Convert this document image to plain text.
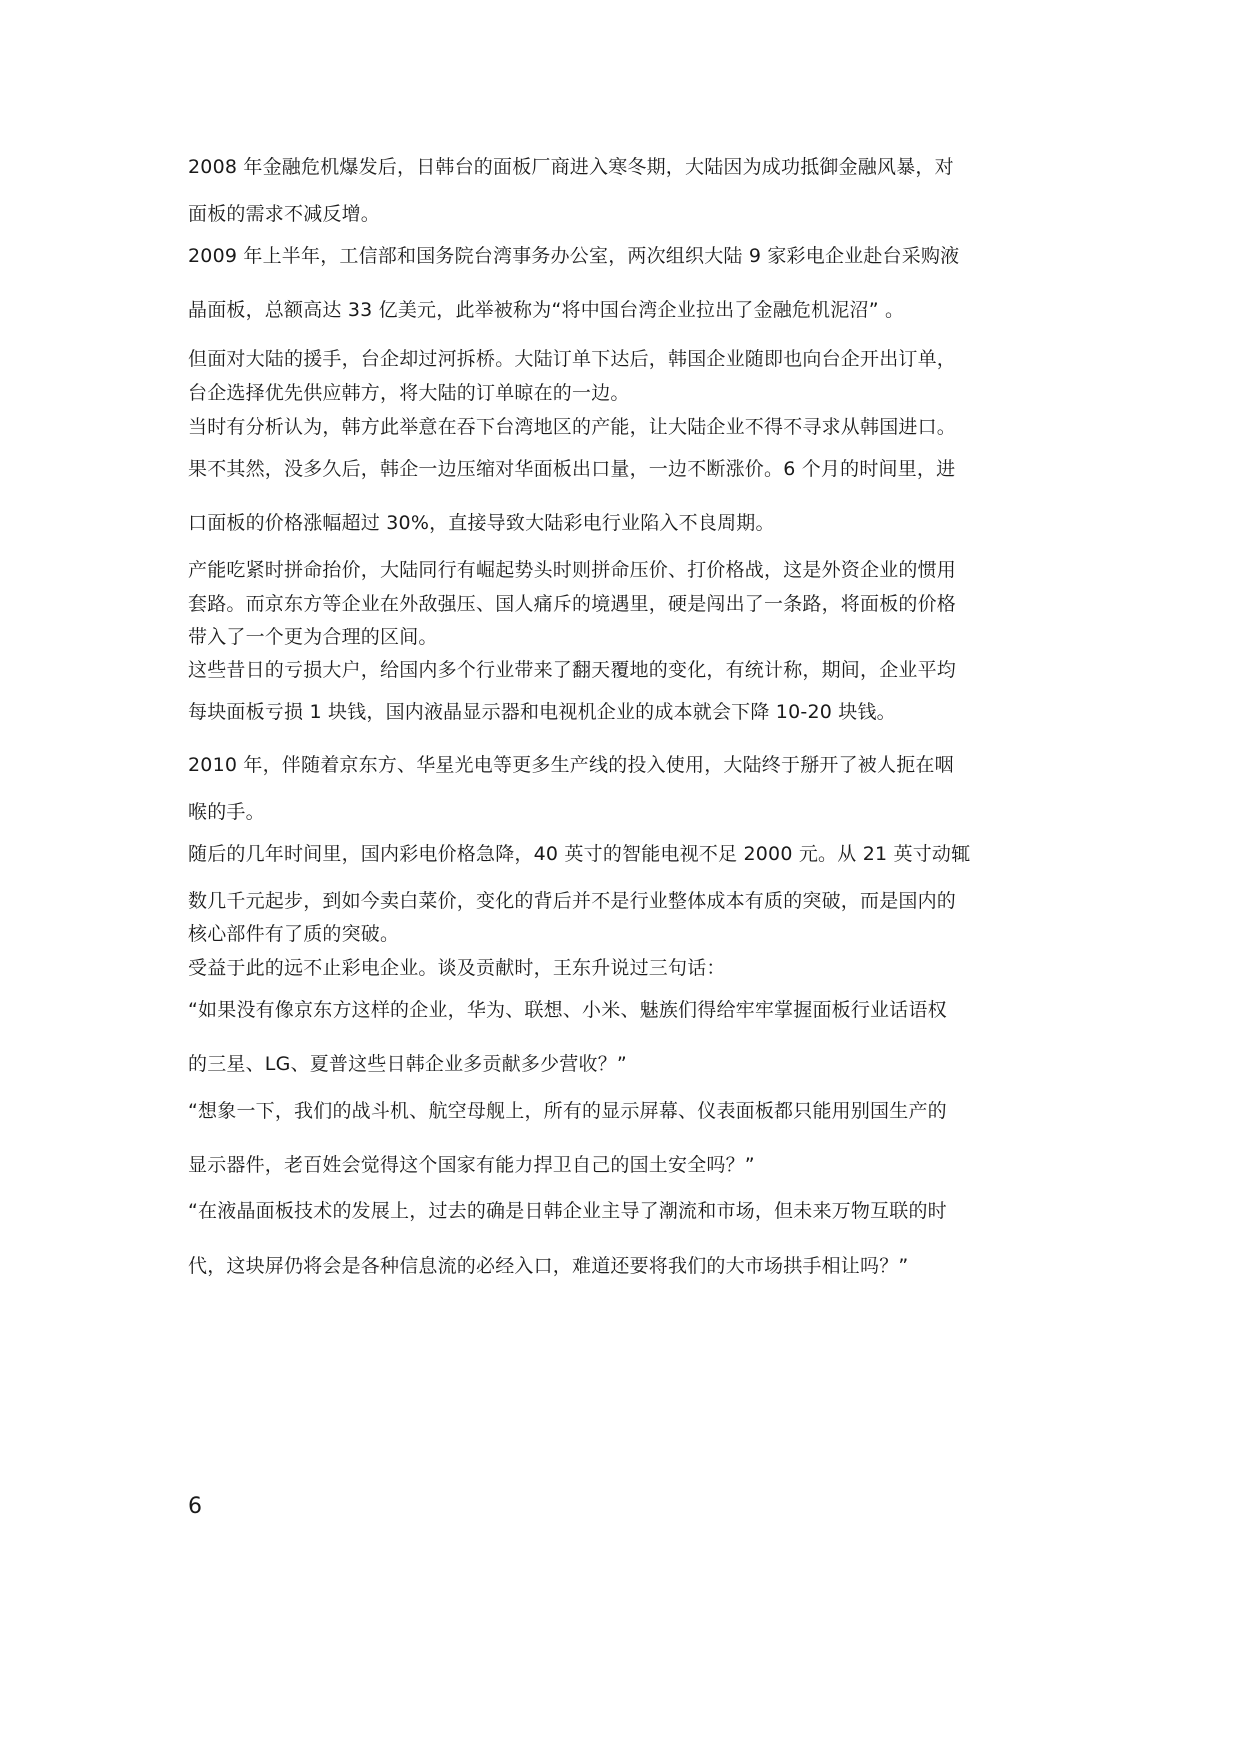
2008 年金融危机爆发后，日韩台的面板厂商进入寒冬期，大陆因为成功抵御金融风暴，对
面板的需求不减反增。
2009 年上半年，工信部和国务院台湾事务办公室，两次组织大陆 9 家彩电企业赴台采购液
晶面板，总额高达 33 亿美元，此举被称为“将中国台湾企业拉出了金融危机泥沼” 。
但面对大陆的援手，台企却过河拆桥。大陆订单下达后，韩国企业随即也向台企开出订单，
台企选择优先供应韩方，将大陆的订单晾在的一边。
当时有分析认为，韩方此举意在吞下台湾地区的产能，让大陆企业不得不寻求从韩国进口。
果不其然，没多久后，韩企一边压缩对华面板出口量，一边不断涨价。6 个月的时间里，进
口面板的价格涨幅超过 30%，直接导致大陆彩电行业陷入不良周期。
产能吃紧时拼命抬价，大陆同行有崛起势头时则拼命压价、打价格战，这是外资企业的惯用
套路。而京东方等企业在外敌强压、国人痛斥的境遇里，硬是闯出了一条路，将面板的价格
带入了一个更为合理的区间。
这些昔日的亏损大户，给国内多个行业带来了翻天覆地的变化，有统计称，期间，企业平均
每块面板亏损 1 块钱，国内液晶显示器和电视机企业的成本就会下降 10-20 块钱。
2010 年，伴随着京东方、华星光电等更多生产线的投入使用，大陆终于掰开了被人扼在咽
喉的手。
随后的几年时间里，国内彩电价格急降，40 英寸的智能电视不足 2000 元。从 21 英寸动辄
数几千元起步，到如今卖白菜价，变化的背后并不是行业整体成本有质的突破，而是国内的
核心部件有了质的突破。
受益于此的远不止彩电企业。谈及贡献时，王东升说过三句话：
“如果没有像京东方这样的企业，华为、联想、小米、魅族们得给牢牢掌握面板行业话语权
的三星、LG、夏普这些日韩企业多贡献多少营收？”
“想象一下，我们的战斗机、航空母舰上，所有的显示屏幕、仪表面板都只能用别国生产的
显示器件，老百姓会觉得这个国家有能力捍卫自己的国土安全吗？”
“在液晶面板技术的发展上，过去的确是日韩企业主导了潮流和市场，但未来万物互联的时
代，这块屏仍将会是各种信息流的必经入口，难道还要将我们的大市场拱手相让吗？”
6
